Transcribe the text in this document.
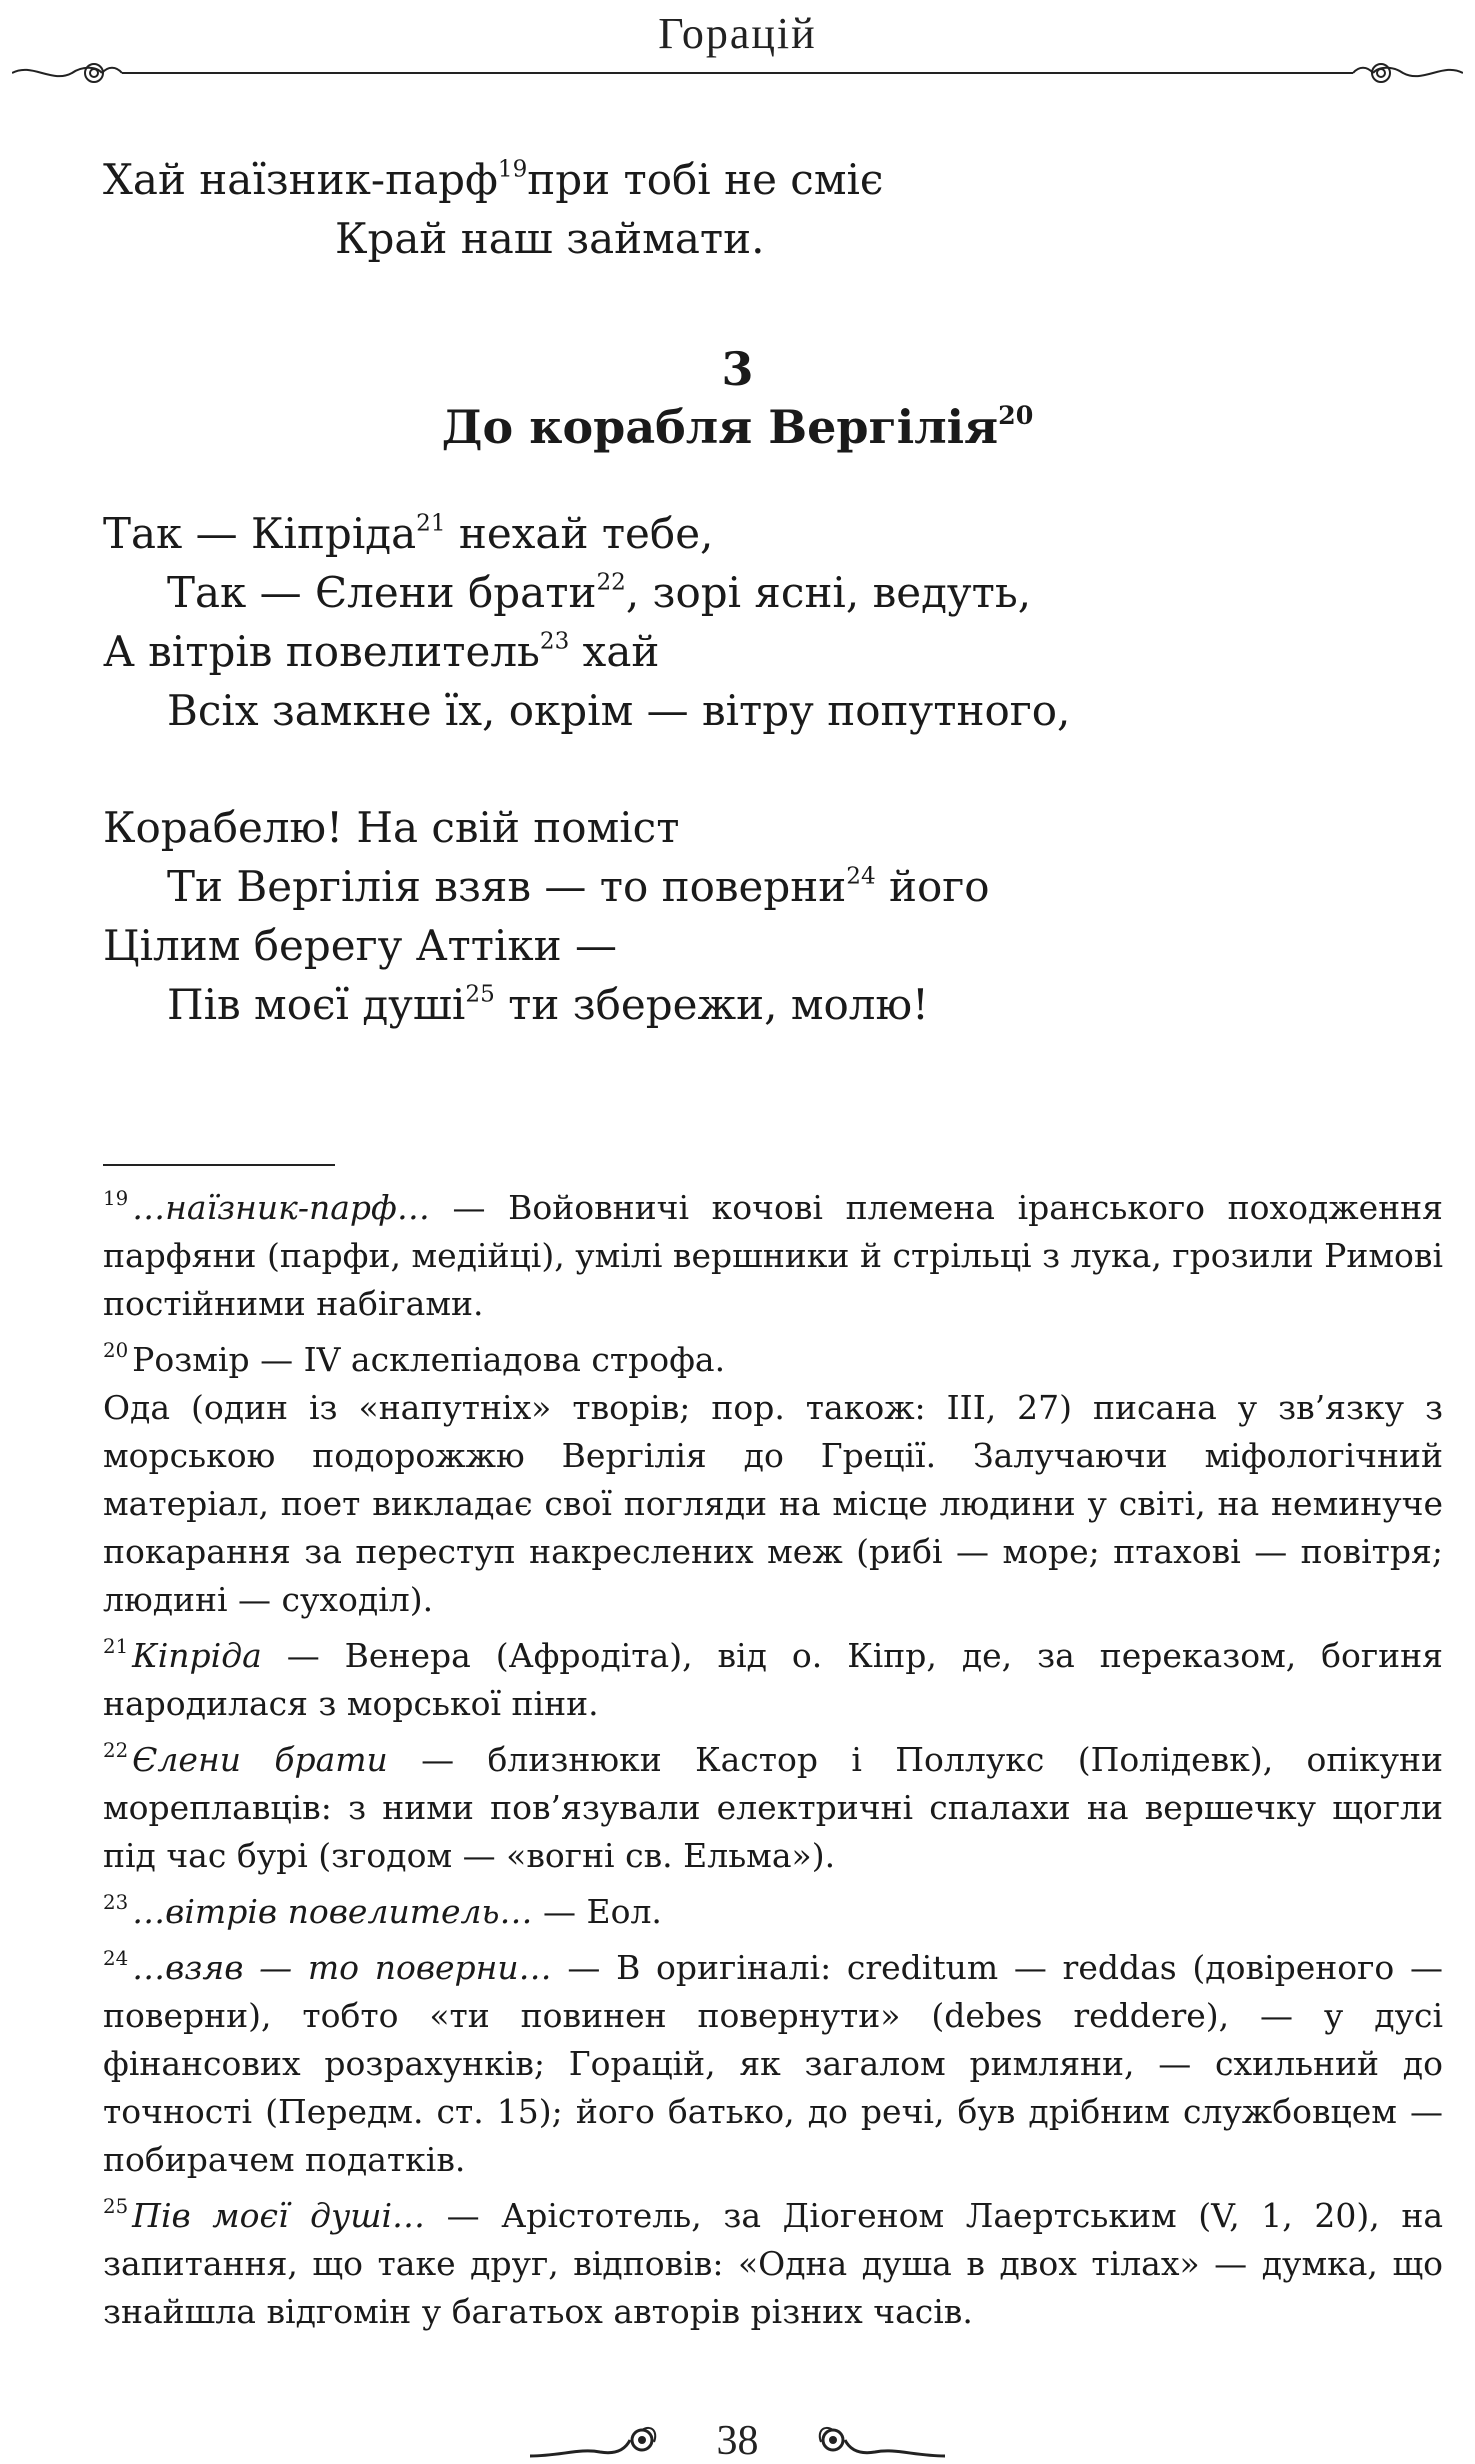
Горацій
Хай наїзник-парф$^{19}$при тобі не сміє
Край наш займати.
3
До корабля Вергілія$^{20}$
Так — Кіпріда$^{21}$ нехай тебе,
Так — Єлени брати$^{22}$, зорі ясні, ведуть,
А вітрів повелитель$^{23}$ хай
Всіх замкне їх, окрім — вітру попутного,
Корабелю! На свій поміст
Ти Вергілія взяв — то поверни$^{24}$ його
Цілим берегу Аттіки —
Пів моєї душі$^{25}$ ти збережи, молю!

$^{19}$ …наїзник-парф… — Войовничі кочові племена іранського походження парфяни (парфи, медійці), умілі вершники й стрільці з лука, грозили Римові постійними набігами.

$^{20}$ Розмір — IV асклепіадова строфа.
Ода (один із «напутніх» творів; пор. також: III, 27) писана у зв’язку з морською подорожжю Вергілія до Греції. Залучаючи міфологічний матеріал, поет викладає свої погляди на місце людини у світі, на неминуче покарання за переступ накреслених меж (рибі — море; птахові — повітря; людині — суходіл).

$^{21}$ Кіпріда — Венера (Афродіта), від о. Кіпр, де, за переказом, богиня народилася з морської піни.

$^{22}$ Єлени брати — близнюки Кастор і Поллукс (Полідевк), опікуни мореплавців: з ними пов’язували електричні спалахи на вершечку щогли під час бурі (згодом — «вогні св. Ельма»).

$^{23}$ …вітрів повелитель… — Еол.

$^{24}$ …взяв — то поверни… — В оригіналі: creditum — reddas (довіреного — поверни), тобто «ти повинен повернути» (debes reddere), — у дусі фінансових розрахунків; Горацій, як загалом римляни, — схильний до точності (Передм. ст. 15); його батько, до речі, був дрібним службовцем — побирачем податків.

$^{25}$ Пів моєї душі… — Арістотель, за Діогеном Лаертським (V, 1, 20), на запитання, що таке друг, відповів: «Одна душа в двох тілах» — думка, що знайшла відгомін у багатьох авторів різних часів.

38
